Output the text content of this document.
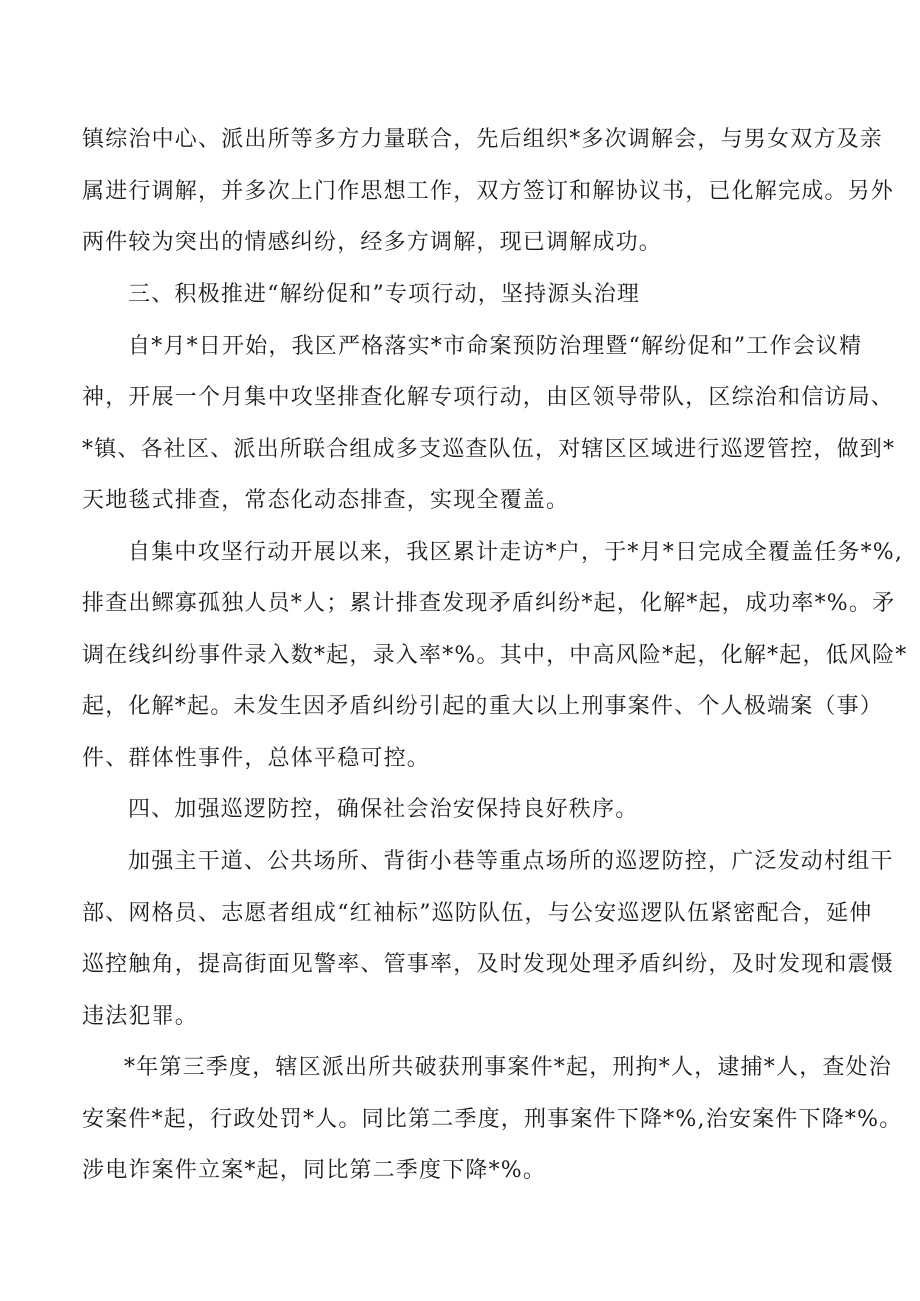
镇综治中心、派出所等多方力量联合，先后组织*多次调解会，与男女双方及亲
属进行调解，并多次上门作思想工作，双方签订和解协议书，已化解完成。另外
两件较为突出的情感纠纷，经多方调解，现已调解成功。
三、积极推进“解纷促和”专项行动，坚持源头治理
自*月*日开始，我区严格落实*市命案预防治理暨“解纷促和”工作会议精
神，开展一个月集中攻坚排查化解专项行动，由区领导带队，区综治和信访局、
*镇、各社区、派出所联合组成多支巡查队伍，对辖区区域进行巡逻管控，做到*
天地毯式排查，常态化动态排查，实现全覆盖。
自集中攻坚行动开展以来，我区累计走访*户，于*月*日完成全覆盖任务*%,
排查出鳏寡孤独人员*人；累计排查发现矛盾纠纷*起，化解*起，成功率*%。矛
调在线纠纷事件录入数*起，录入率*%。其中，中高风险*起，化解*起，低风险*
起，化解*起。未发生因矛盾纠纷引起的重大以上刑事案件、个人极端案（事）
件、群体性事件，总体平稳可控。
四、加强巡逻防控，确保社会治安保持良好秩序。
加强主干道、公共场所、背街小巷等重点场所的巡逻防控，广泛发动村组干
部、网格员、志愿者组成“红袖标”巡防队伍，与公安巡逻队伍紧密配合，延伸
巡控触角，提高街面见警率、管事率，及时发现处理矛盾纠纷，及时发现和震慑
违法犯罪。
*年第三季度，辖区派出所共破获刑事案件*起，刑拘*人，逮捕*人，查处治
安案件*起，行政处罚*人。同比第二季度，刑事案件下降*%,治安案件下降*%。
涉电诈案件立案*起，同比第二季度下降*%。
